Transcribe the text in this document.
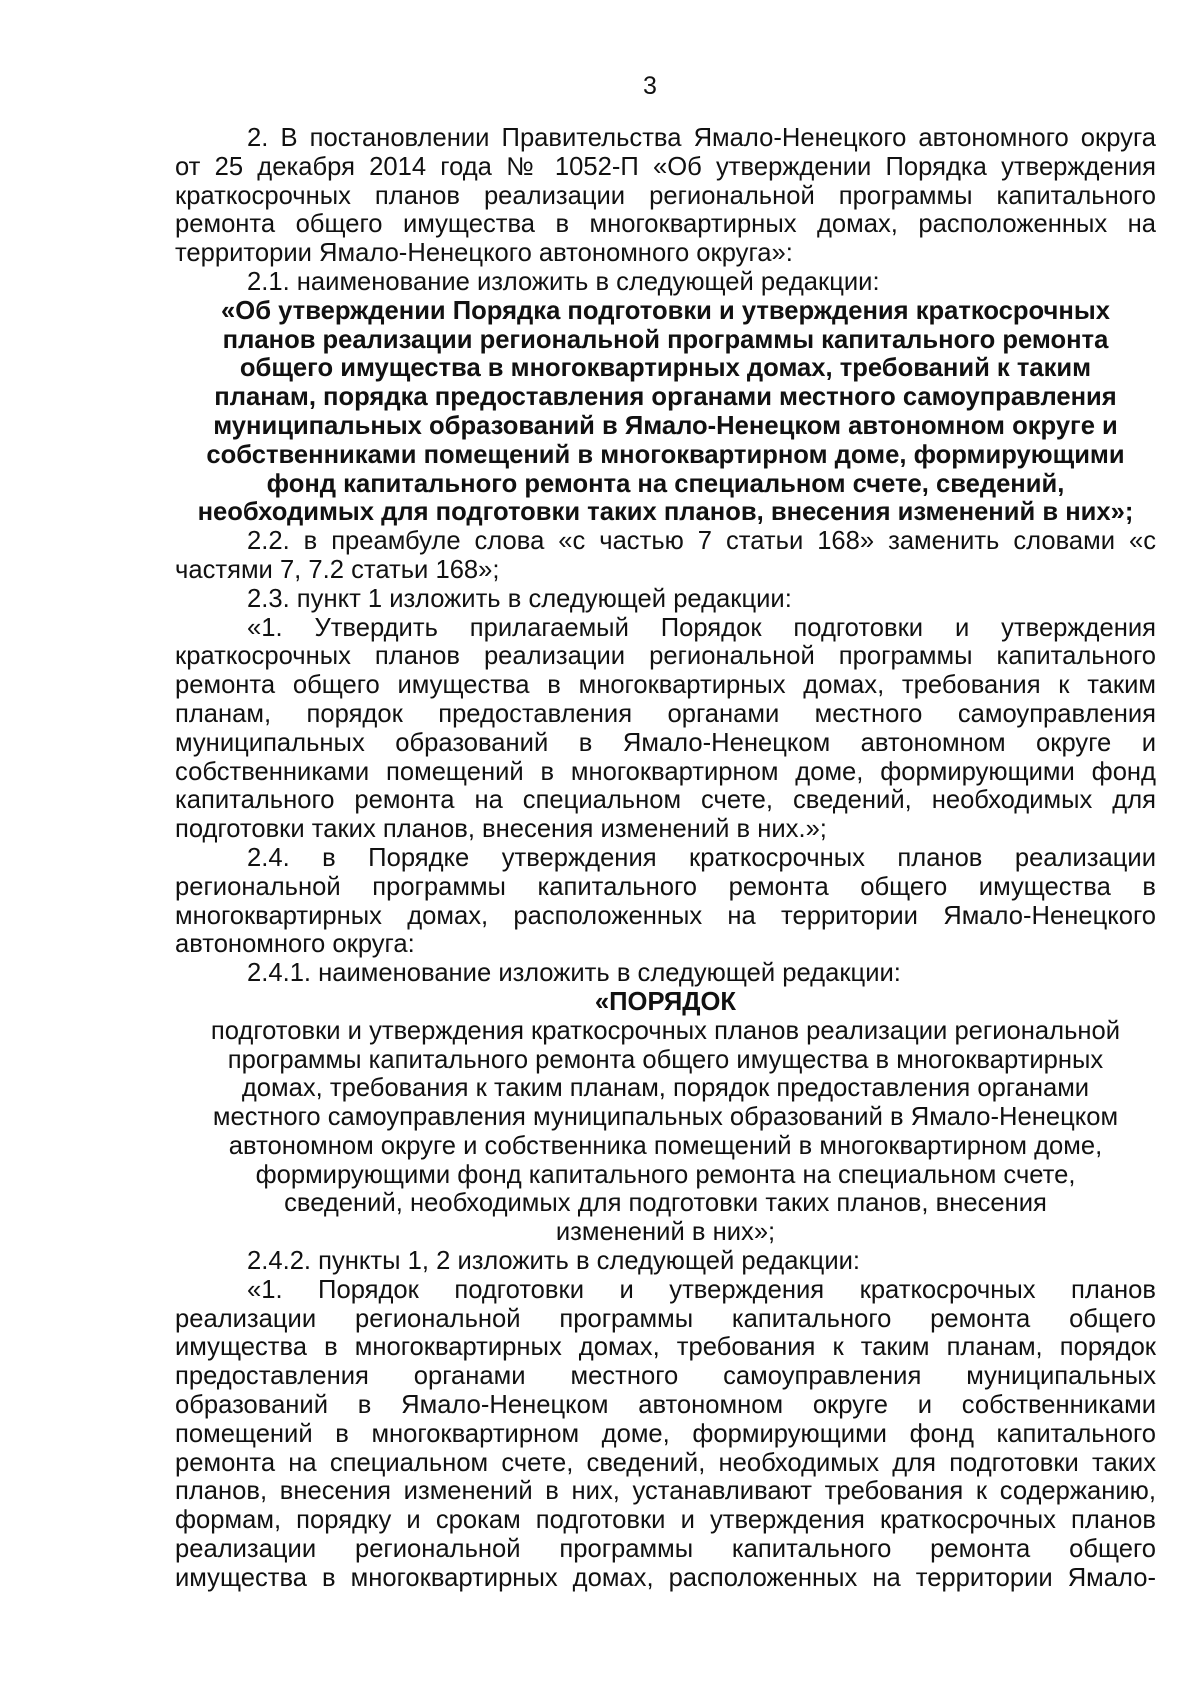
3
2. В постановлении Правительства Ямало-Ненецкого автономного округа
от 25 декабря 2014 года № 1052-П «Об утверждении Порядка утверждения
краткосрочных планов реализации региональной программы капитального
ремонта общего имущества в многоквартирных домах, расположенных на
территории Ямало-Ненецкого автономного округа»:
2.1. наименование изложить в следующей редакции:
«Об утверждении Порядка подготовки и утверждения краткосрочных
планов реализации региональной программы капитального ремонта
общего имущества в многоквартирных домах, требований к таким
планам, порядка предоставления органами местного самоуправления
муниципальных образований в Ямало-Ненецком автономном округе и
собственниками помещений в многоквартирном доме, формирующими
фонд капитального ремонта на специальном счете, сведений,
необходимых для подготовки таких планов, внесения изменений в них»;
2.2. в преамбуле слова «с частью 7 статьи 168» заменить словами «с
частями 7, 7.2 статьи 168»;
2.3. пункт 1 изложить в следующей редакции:
«1. Утвердить прилагаемый Порядок подготовки и утверждения
краткосрочных планов реализации региональной программы капитального
ремонта общего имущества в многоквартирных домах, требования к таким
планам, порядок предоставления органами местного самоуправления
муниципальных образований в Ямало-Ненецком автономном округе и
собственниками помещений в многоквартирном доме, формирующими фонд
капитального ремонта на специальном счете, сведений, необходимых для
подготовки таких планов, внесения изменений в них.»;
2.4. в Порядке утверждения краткосрочных планов реализации
региональной программы капитального ремонта общего имущества в
многоквартирных домах, расположенных на территории Ямало-Ненецкого
автономного округа:
2.4.1. наименование изложить в следующей редакции:
«ПОРЯДОК
подготовки и утверждения краткосрочных планов реализации региональной
программы капитального ремонта общего имущества в многоквартирных
домах, требования к таким планам, порядок предоставления органами
местного самоуправления муниципальных образований в Ямало-Ненецком
автономном округе и собственника помещений в многоквартирном доме,
формирующими фонд капитального ремонта на специальном счете,
сведений, необходимых для подготовки таких планов, внесения
изменений в них»;
2.4.2. пункты 1, 2 изложить в следующей редакции:
«1. Порядок подготовки и утверждения краткосрочных планов
реализации региональной программы капитального ремонта общего
имущества в многоквартирных домах, требования к таким планам, порядок
предоставления органами местного самоуправления муниципальных
образований в Ямало-Ненецком автономном округе и собственниками
помещений в многоквартирном доме, формирующими фонд капитального
ремонта на специальном счете, сведений, необходимых для подготовки таких
планов, внесения изменений в них, устанавливают требования к содержанию,
формам, порядку и срокам подготовки и утверждения краткосрочных планов
реализации региональной программы капитального ремонта общего
имущества в многоквартирных домах, расположенных на территории Ямало-
